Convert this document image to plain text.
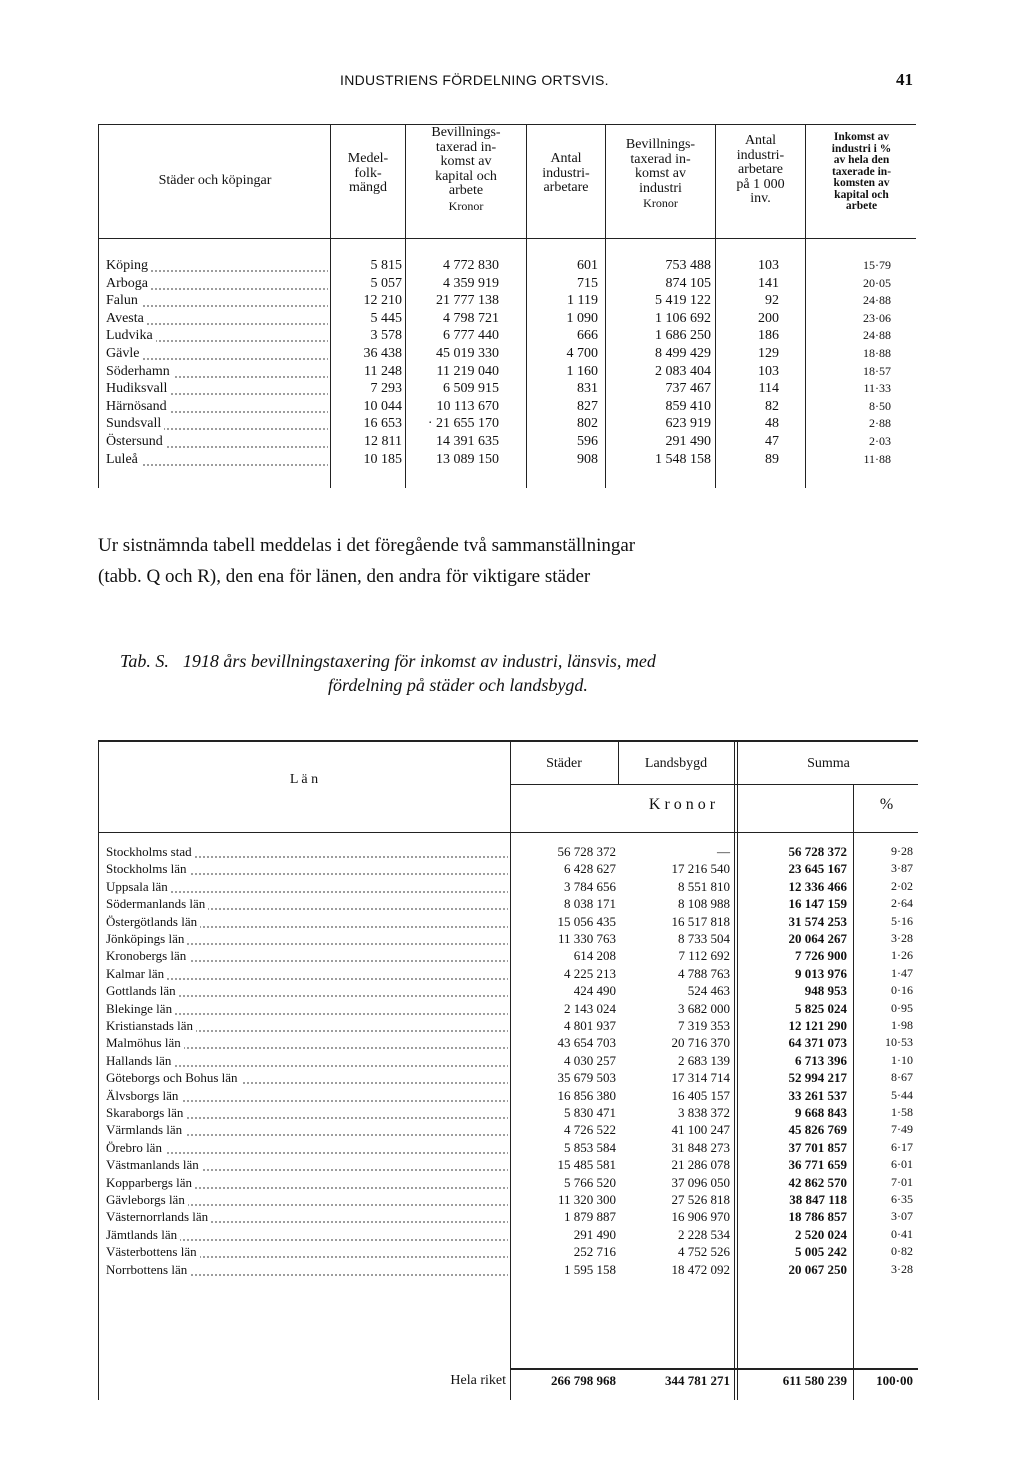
INDUSTRIENS FÖRDELNING ORTSVIS.	41
Städer och köpingar
Medel-
folk-
mängd
Bevillnings-
taxerad in-
komst av
kapital och
arbete
Kronor
Antal
industri-
arbetare
Bevillnings-
taxerad in-
komst av
industri
Kronor
Antal
industri-
arbetare
på 1 000
inv.
Inkomst av
industri i %
av hela den
taxerade in-
komsten av
kapital och
arbete
Köping	5 815	4 772 830	601	753 488	103	15·79
Arboga	5 057	4 359 919	715	874 105	141	20·05
Falun	12 210	21 777 138	1 119	5 419 122	92	24·88
Avesta	5 445	4 798 721	1 090	1 106 692	200	23·06
Ludvika	3 578	6 777 440	666	1 686 250	186	24·88
Gävle	36 438	45 019 330	4 700	8 499 429	129	18·88
Söderhamn	11 248	11 219 040	1 160	2 083 404	103	18·57
Hudiksvall	7 293	6 509 915	831	737 467	114	11·33
Härnösand	10 044	10 113 670	827	859 410	82	8·50
Sundsvall	16 653	· 21 655 170	802	623 919	48	2·88
Östersund	12 811	14 391 635	596	291 490	47	2·03
Luleå	10 185	13 089 150	908	1 548 158	89	11·88
Ur sistnämnda tabell meddelas i det föregående två sammanställningar
(tabb. Q och R), den ena för länen, den andra för viktigare städer
Tab. S. 1918 års bevillningstaxering för inkomst av industri, länsvis, med
fördelning på städer och landsbygd.
L ä n
Städer	Landsbygd	Summa
K r o n o r	%
Stockholms stad	56 728 372	—	56 728 372	9·28
Stockholms län	6 428 627	17 216 540	23 645 167	3·87
Uppsala län	3 784 656	8 551 810	12 336 466	2·02
Södermanlands län	8 038 171	8 108 988	16 147 159	2·64
Östergötlands län	15 056 435	16 517 818	31 574 253	5·16
Jönköpings län	11 330 763	8 733 504	20 064 267	3·28
Kronobergs län	614 208	7 112 692	7 726 900	1·26
Kalmar län	4 225 213	4 788 763	9 013 976	1·47
Gottlands län	424 490	524 463	948 953	0·16
Blekinge län	2 143 024	3 682 000	5 825 024	0·95
Kristianstads län	4 801 937	7 319 353	12 121 290	1·98
Malmöhus län	43 654 703	20 716 370	64 371 073	10·53
Hallands län	4 030 257	2 683 139	6 713 396	1·10
Göteborgs och Bohus län	35 679 503	17 314 714	52 994 217	8·67
Älvsborgs län	16 856 380	16 405 157	33 261 537	5·44
Skaraborgs län	5 830 471	3 838 372	9 668 843	1·58
Värmlands län	4 726 522	41 100 247	45 826 769	7·49
Örebro län	5 853 584	31 848 273	37 701 857	6·17
Västmanlands län	15 485 581	21 286 078	36 771 659	6·01
Kopparbergs län	5 766 520	37 096 050	42 862 570	7·01
Gävleborgs län	11 320 300	27 526 818	38 847 118	6·35
Västernorrlands län	1 879 887	16 906 970	18 786 857	3·07
Jämtlands län	291 490	2 228 534	2 520 024	0·41
Västerbottens län	252 716	4 752 526	5 005 242	0·82
Norrbottens län	1 595 158	18 472 092	20 067 250	3·28
Hela riket	266 798 968	344 781 271	611 580 239	100·00
